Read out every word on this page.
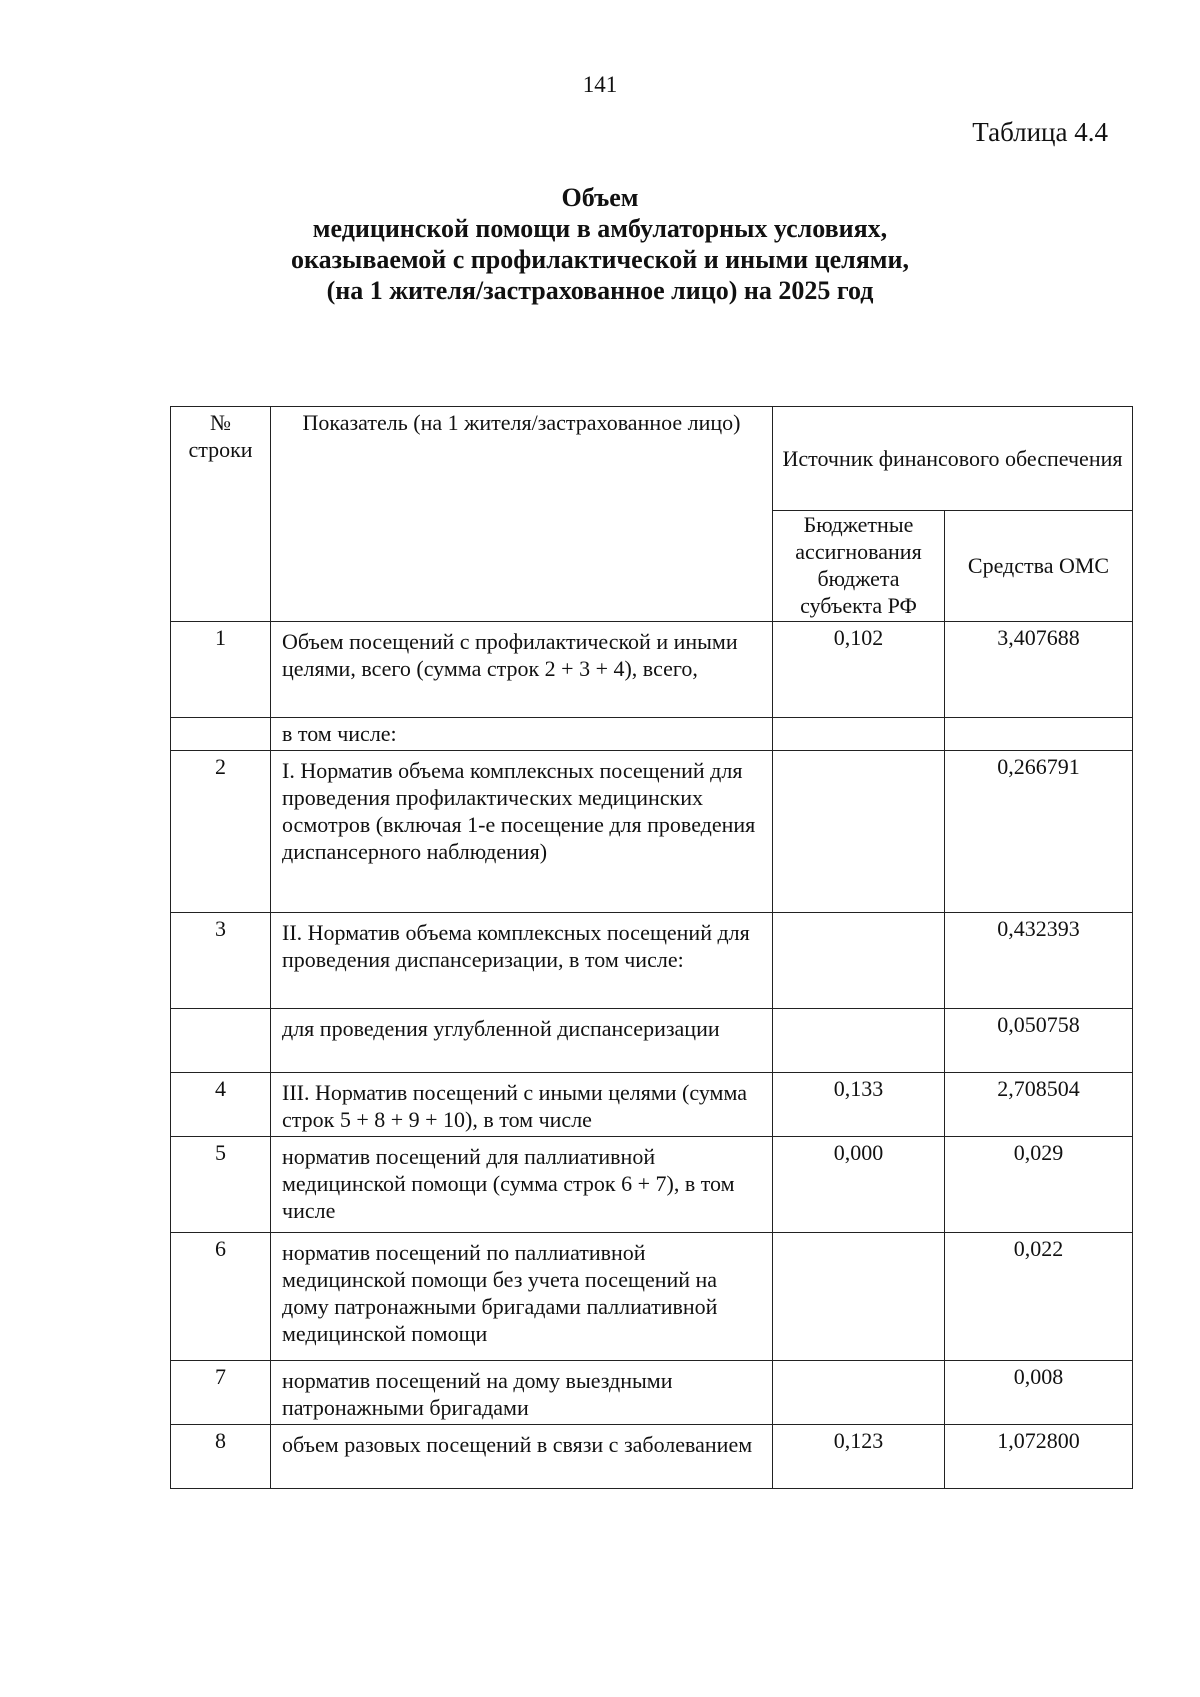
141
Таблица 4.4
Объем
медицинской помощи в амбулаторных условиях,
оказываемой с профилактической и иными целями,
(на 1 жителя/застрахованное лицо) на 2025 год
№ строки	Показатель (на 1 жителя/застрахованное лицо)	Источник финансового обеспечения	
		Бюджетные ассигнования бюджета субъекта РФ	Средства ОМС
1	Объем посещений с профилактической и иными целями, всего (сумма строк 2 + 3 + 4), всего,	0,102	3,407688
	в том числе:		
2	I. Норматив объема комплексных посещений для проведения профилактических медицинских осмотров (включая 1-е посещение для проведения диспансерного наблюдения)		0,266791
3	II. Норматив объема комплексных посещений для проведения диспансеризации, в том числе:		0,432393
	для проведения углубленной диспансеризации		0,050758
4	III. Норматив посещений с иными целями (сумма строк 5 + 8 + 9 + 10), в том числе	0,133	2,708504
5	норматив посещений для паллиативной медицинской помощи (сумма строк 6 + 7), в том числе	0,000	0,029
6	норматив посещений по паллиативной медицинской помощи без учета посещений на дому патронажными бригадами паллиативной медицинской помощи		0,022
7	норматив посещений на дому выездными патронажными бригадами		0,008
8	объем разовых посещений в связи с заболеванием	0,123	1,072800
